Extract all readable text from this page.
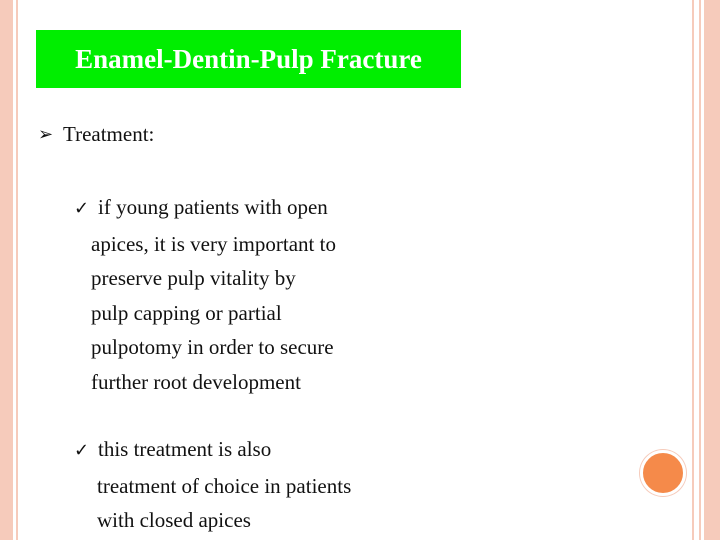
Enamel-Dentin-Pulp Fracture
➢ Treatment:
✓ if young patients with open
apices, it is very important to
preserve pulp vitality by
pulp capping or partial
pulpotomy in order to secure
further root development
✓ this treatment is also
treatment of choice in patients
with closed apices
